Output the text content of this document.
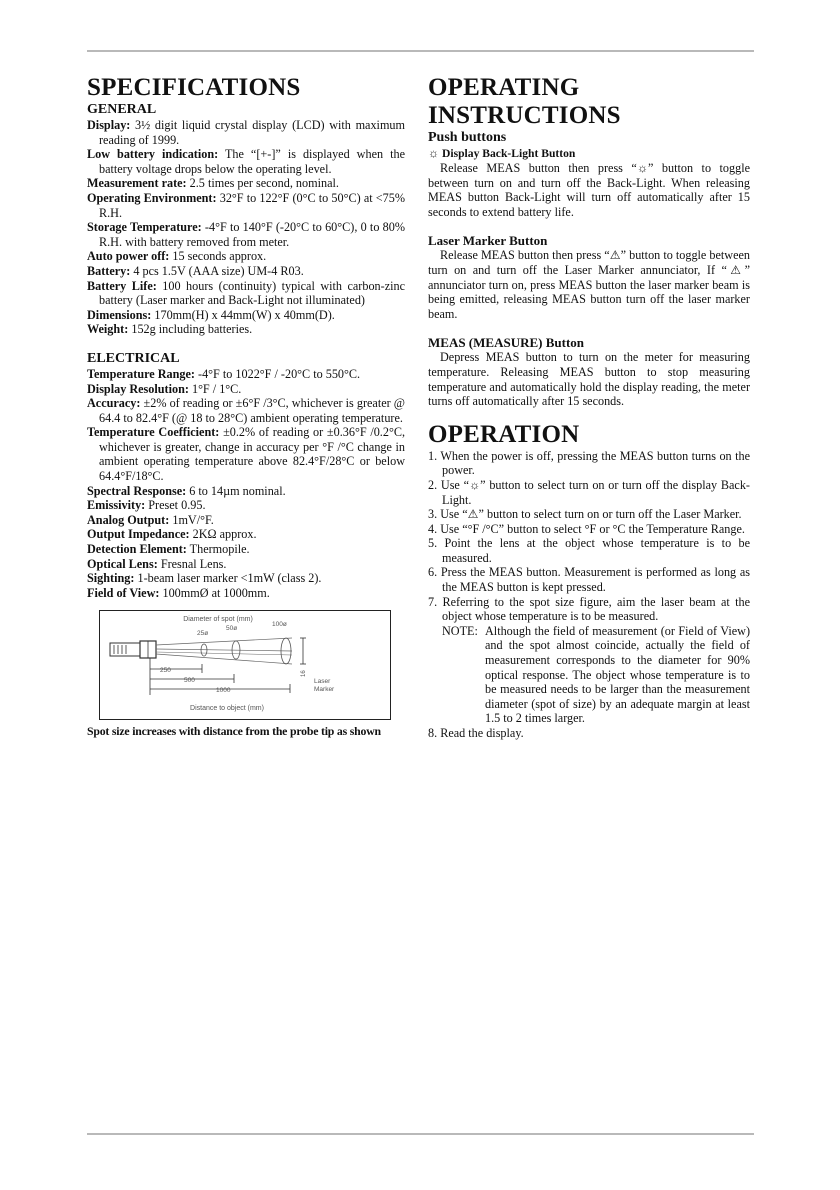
SPECIFICATIONS
GENERAL

Display: 3½ digit liquid crystal display (LCD) with maximum reading of 1999.

Low battery indication: The “[+-]” is displayed when the battery voltage drops below the operating level.

Measurement rate: 2.5 times per second, nominal.

Operating Environment: 32°F to 122°F (0°C to 50°C) at <75% R.H.

Storage Temperature: -4°F to 140°F (-20°C to 60°C), 0 to 80% R.H. with battery removed from meter.

Auto power off: 15 seconds approx.

Battery: 4 pcs 1.5V (AAA size) UM-4 R03.

Battery Life: 100 hours (continuity) typical with carbon-zinc battery (Laser marker and Back-Light not illuminated)

Dimensions: 170mm(H) x 44mm(W) x 40mm(D).

Weight: 152g including batteries.

ELECTRICAL

Temperature Range: -4°F to 1022°F / -20°C to 550°C.

Display Resolution: 1°F / 1°C.

Accuracy: ±2% of reading or ±6°F /3°C, whichever is greater @ 64.4 to 82.4°F (@ 18 to 28°C) ambient operating temperature.

Temperature Coefficient: ±0.2% of reading or ±0.36°F /0.2°C, whichever is greater, change in accuracy per °F /°C change in ambient operating temperature above 82.4°F/28°C or below 64.4°F/18°C.

Spectral Response: 6 to 14µm nominal.

Emissivity: Preset 0.95.

Analog Output: 1mV/°F.

Output Impedance: 2KΩ approx.

Detection Element: Thermopile.

Optical Lens: Fresnal Lens.

Sighting: 1-beam laser marker <1mW (class 2).

Field of View: 100mmØ at 1000mm.

Diameter of spot (mm)
25ø
50ø
100ø
16
250
500
1000
Laser
Marker
Distance to object (mm)

Spot size increases with distance from the probe tip as shown

OPERATING INSTRUCTIONS
Push buttons

☼ Display Back-Light Button

Release MEAS button then press “☼” button to toggle between turn on and turn off the Back-Light. When releasing MEAS button Back-Light will turn off automatically after 15 seconds to extend battery life.

Laser Marker Button

Release MEAS button then press “⚠” button to toggle between turn on and turn off the Laser Marker annunciator, If “⚠” annunciator turn on, press MEAS button the laser marker beam is being emitted, releasing MEAS button turn off the laser marker beam.

MEAS (MEASURE) Button

Depress MEAS button to turn on the meter for measuring temperature. Releasing MEAS button to stop measuring temperature and automatically hold the display reading, the meter turns off automatically after 15 seconds.

OPERATION
1. When the power is off, pressing the MEAS button turns on the power.
2. Use “☼” button to select turn on or turn off the display Back-Light.
3. Use “⚠” button to select turn on or turn off the Laser Marker.
4. Use “°F /°C” button to select °F or °C the Temperature Range.
5. Point the lens at the object whose temperature is to be measured.
6. Press the MEAS button. Measurement is performed as long as the MEAS button is kept pressed.
7. Referring to the spot size figure, aim the laser beam at the object whose temperature is to be measured.
NOTE: Although the field of measurement (or Field of View) and the spot almost coincide, actually the field of measurement corresponds to the diameter for 90% optical response. The object whose temperature is to be measured needs to be larger than the measurement diameter (spot of size) by an adequate margin at least 1.5 to 2 times larger.
8. Read the display.
